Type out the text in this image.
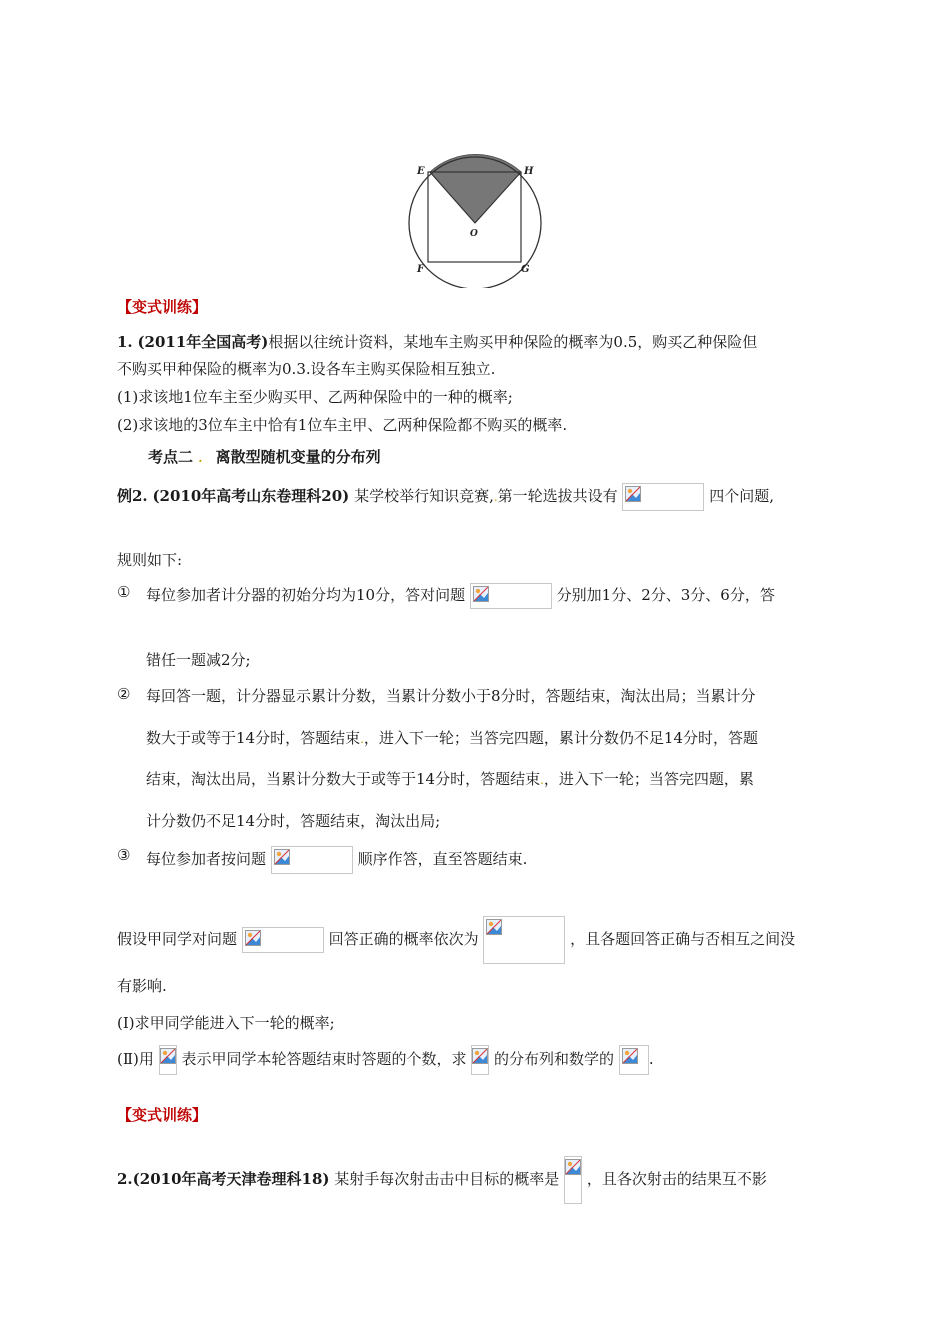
E	H
O
F	G
【变式训练】
1. (2011年全国高考)根据以往统计资料，某地车主购买甲种保险的概率为0.5，购买乙种保险但
不购买甲种保险的概率为0.3.设各车主购买保险相互独立.
(1)求该地1位车主至少购买甲、乙两种保险中的一种的概率;
(2)求该地的3位车主中恰有1位车主甲、乙两种保险都不购买的概率.
考点二 . 离散型随机变量的分布列
例2. (2010年高考山东卷理科20) 某学校举行知识竞赛,.第一轮选拔共设有	四个问题,
规则如下:
① 每位参加者计分器的初始分均为10分，答对问题	分别加1分、2分、3分、6分，答
错任一题减2分;
② 每回答一题，计分器显示累计分数，当累计分数小于8分时，答题结束，淘汰出局；当累计分
数大于或等于14分时，答题结束.，进入下一轮；当答完四题，累计分数仍不足14分时，答题
结束，淘汰出局，当累计分数大于或等于14分时，答题结束.，进入下一轮；当答完四题，累
计分数仍不足14分时，答题结束，淘汰出局;
③ 每位参加者按问题	顺序作答，直至答题结束.
假设甲同学对问题	回答正确的概率依次为	，且各题回答正确与否相互之间没
有影响.
(Ⅰ)求甲同学能进入下一轮的概率;
(Ⅱ)用 表示甲同学本轮答题结束时答题的个数，求 的分布列和数学的 .
【变式训练】
2.(2010年高考天津卷理科18) 某射手每次射击击中目标的概率是 ，且各次射击的结果互不影
